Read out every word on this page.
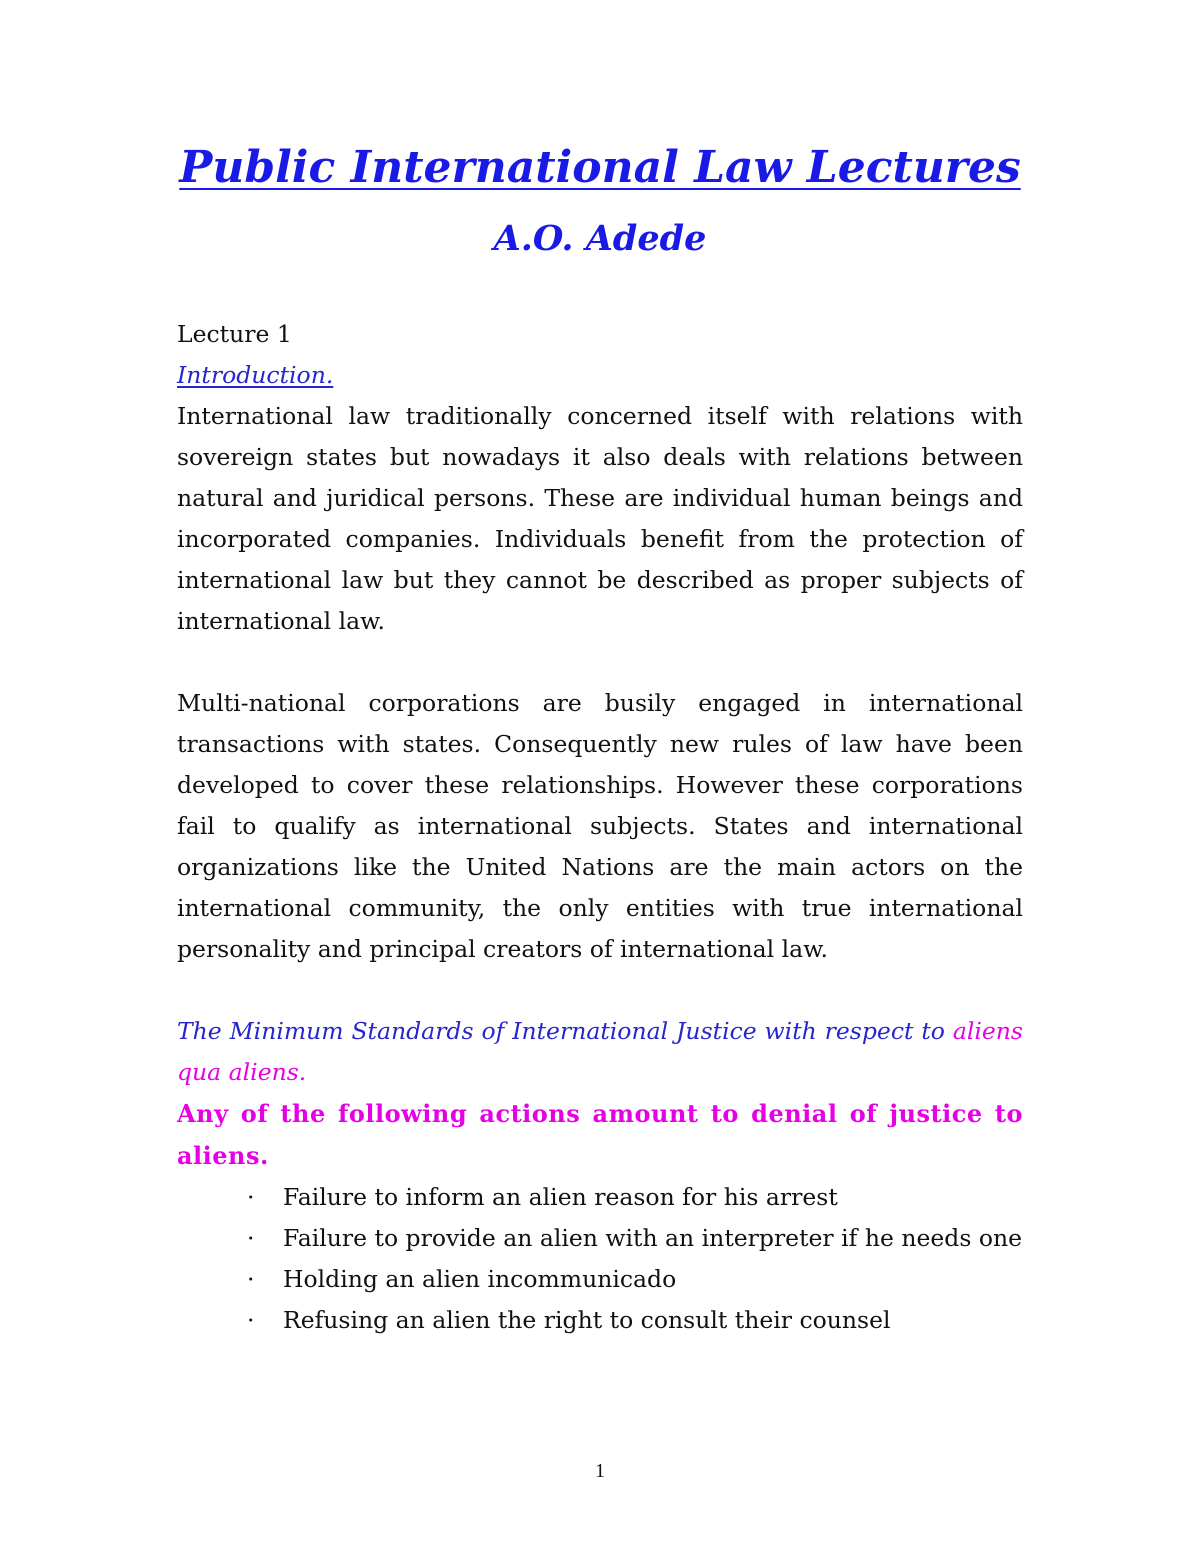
Public International Law Lectures
A.O. Adede

Lecture 1

Introduction.

International law traditionally concerned itself with relations with sovereign states but nowadays it also deals with relations between natural and juridical persons. These are individual human beings and incorporated companies. Individuals benefit from the protection of international law but they cannot be described as proper subjects of international law.

Multi-national corporations are busily engaged in international transactions with states. Consequently new rules of law have been developed to cover these relationships. However these corporations fail to qualify as international subjects. States and international organizations like the United Nations are the main actors on the international community, the only entities with true international personality and principal creators of international law.

The Minimum Standards of International Justice with respect to aliens qua aliens.

Any of the following actions amount to denial of justice to aliens.

· Failure to inform an alien reason for his arrest
· Failure to provide an alien with an interpreter if he needs one
· Holding an alien incommunicado
· Refusing an alien the right to consult their counsel
1
